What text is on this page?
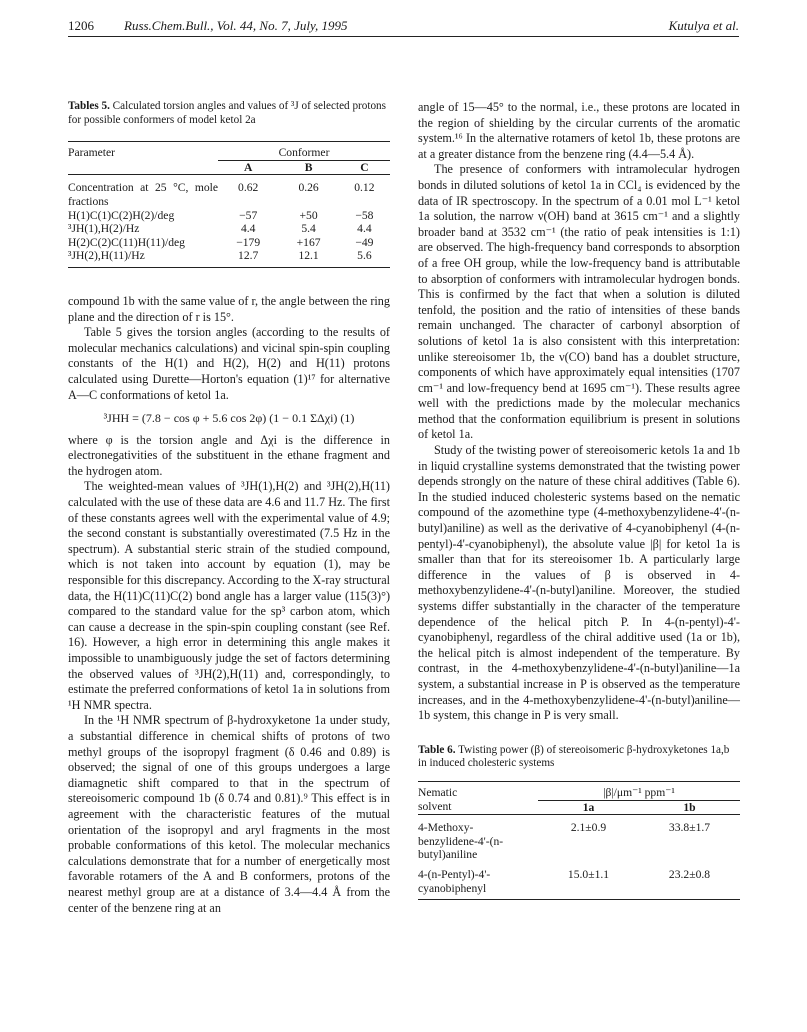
1206 Russ.Chem.Bull., Vol. 44, No. 7, July, 1995	Kutulya et al.
Tables 5. Calculated torsion angles and values of ³J of selected protons for possible conformers of model ketol 2a
Parameter	Conformer		
	A	B	C
Concentration at 25 °C, mole fractions	0.62	0.26	0.12
H(1)C(1)C(2)H(2)/deg	−57	+50	−58
³JH(1),H(2)/Hz	4.4	5.4	4.4
H(2)C(2)C(11)H(11)/deg	−179	+167	−49
³JH(2),H(11)/Hz	12.7	12.1	5.6

compound 1b with the same value of r, the angle between the ring plane and the direction of r is 15°.

Table 5 gives the torsion angles (according to the results of molecular mechanics calculations) and vicinal spin-spin coupling constants of the H(1) and H(2), H(2) and H(11) protons calculated using Durette—Horton's equation (1)¹⁷ for alternative A—C conformations of ketol 1a.

³JHH = (7.8 − cos φ + 5.6 cos 2φ) (1 − 0.1 ΣΔχi) (1)

where φ is the torsion angle and Δχi is the difference in electronegativities of the substituent in the ethane fragment and the hydrogen atom.

The weighted-mean values of ³JH(1),H(2) and ³JH(2),H(11) calculated with the use of these data are 4.6 and 11.7 Hz. The first of these constants agrees well with the experimental value of 4.9; the second constant is substantially overestimated (7.5 Hz in the spectrum). A substantial steric strain of the studied compound, which is not taken into account by equation (1), may be responsible for this discrepancy. According to the X-ray structural data, the H(11)C(11)C(2) bond angle has a larger value (115(3)°) compared to the standard value for the sp³ carbon atom, which can cause a decrease in the spin-spin coupling constant (see Ref. 16). However, a high error in determining this angle makes it impossible to unambiguously judge the set of factors determining the observed values of ³JH(2),H(11) and, correspondingly, to estimate the preferred conformations of ketol 1a in solutions from ¹H NMR spectra.

In the ¹H NMR spectrum of β-hydroxyketone 1a under study, a substantial difference in chemical shifts of protons of two methyl groups of the isopropyl fragment (δ 0.46 and 0.89) is observed; the signal of one of this groups undergoes a large diamagnetic shift compared to that in the spectrum of stereoisomeric compound 1b (δ 0.74 and 0.81).⁹ This effect is in agreement with the characteristic features of the mutual orientation of the isopropyl and aryl fragments in the most probable conformations of this ketol. The molecular mechanics calculations demonstrate that for a number of energetically most favorable rotamers of the A and B conformers, protons of the nearest methyl group are at a distance of 3.4—4.4 Å from the center of the benzene ring at an

angle of 15—45° to the normal, i.e., these protons are located in the region of shielding by the circular currents of the aromatic system.¹⁶ In the alternative rotamers of ketol 1b, these protons are at a greater distance from the benzene ring (4.4—5.4 Å).

The presence of conformers with intramolecular hydrogen bonds in diluted solutions of ketol 1a in CCl₄ is evidenced by the data of IR spectroscopy. In the spectrum of a 0.01 mol L⁻¹ ketol 1a solution, the narrow ν(OH) band at 3615 cm⁻¹ and a slightly broader band at 3532 cm⁻¹ (the ratio of peak intensities is 1:1) are observed. The high-frequency band corresponds to absorption of a free OH group, while the low-frequency band is attributable to absorption of conformers with intramolecular hydrogen bonds. This is confirmed by the fact that when a solution is diluted tenfold, the position and the ratio of intensities of these bands remain unchanged. The character of carbonyl absorption of solutions of ketol 1a is also consistent with this interpretation: unlike stereoisomer 1b, the ν(CO) band has a doublet structure, components of which have approximately equal intensities (1707 cm⁻¹ and low-frequency bend at 1695 cm⁻¹). These results agree well with the predictions made by the molecular mechanics method that the conformation equilibrium is present in solutions of ketol 1a.

Study of the twisting power of stereoisomeric ketols 1a and 1b in liquid crystalline systems demonstrated that the twisting power depends strongly on the nature of these chiral additives (Table 6). In the studied induced cholesteric systems based on the nematic compound of the azomethine type (4-methoxybenzylidene-4'-(n-butyl)aniline) as well as the derivative of 4-cyanobiphenyl (4-(n-pentyl)-4'-cyanobiphenyl), the absolute value |β| for ketol 1a is smaller than that for its stereoisomer 1b. A particularly large difference in the values of β is observed in 4-methoxybenzylidene-4'-(n-butyl)aniline. Moreover, the studied systems differ substantially in the character of the temperature dependence of the helical pitch P. In 4-(n-pentyl)-4'-cyanobiphenyl, regardless of the chiral additive used (1a or 1b), the helical pitch is almost independent of the temperature. By contrast, in the 4-methoxybenzylidene-4'-(n-butyl)aniline—1a system, a substantial increase in P is observed as the temperature increases, and in the 4-methoxybenzylidene-4'-(n-butyl)aniline—1b system, this change in P is very small.

Table 6. Twisting power (β) of stereoisomeric β-hydroxyketones 1a,b in induced cholesteric systems
Nematic	|β|/μm⁻¹ ppm⁻¹	
solvent	1a	1b
4-Methoxy-benzylidene-4'-(n-butyl)aniline	2.1±0.9	33.8±1.7
4-(n-Pentyl)-4'-cyanobiphenyl	15.0±1.1	23.2±0.8
